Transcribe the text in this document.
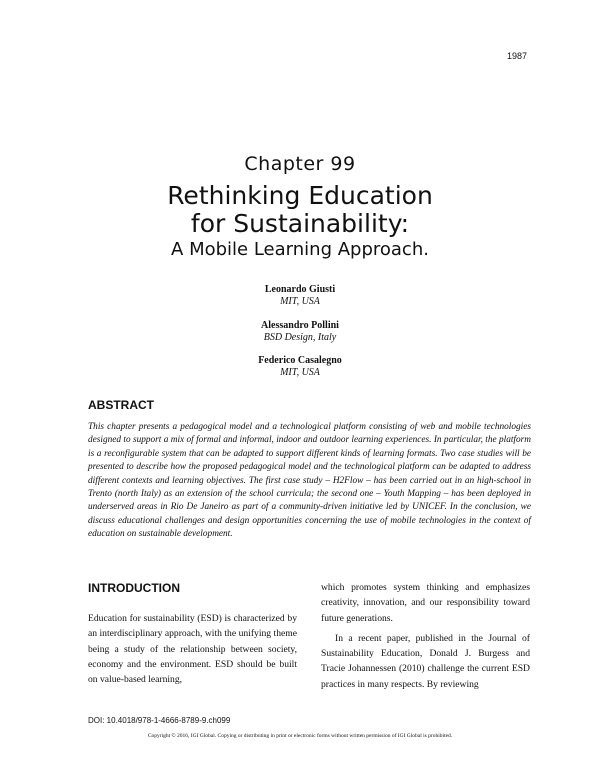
1987
Chapter 99
Rethinking Education
for Sustainability:
A Mobile Learning Approach.
Leonardo Giusti
MIT, USA
Alessandro Pollini
BSD Design, Italy
Federico Casalegno
MIT, USA
ABSTRACT
This chapter presents a pedagogical model and a technological platform consisting of web and mobile technologies designed to support a mix of formal and informal, indoor and outdoor learning experiences. In particular, the platform is a reconfigurable system that can be adapted to support different kinds of learning formats. Two case studies will be presented to describe how the proposed pedagogical model and the technological platform can be adapted to address different contexts and learning objectives. The first case study – H2Flow – has been carried out in an high-school in Trento (north Italy) as an extension of the school curricula; the second one – Youth Mapping – has been deployed in underserved areas in Rio De Janeiro as part of a community-driven initiative led by UNICEF. In the conclusion, we discuss educational challenges and design opportunities concerning the use of mobile technologies in the context of education on sustainable development.
INTRODUCTION

Education for sustainability (ESD) is characterized by an interdisciplinary approach, with the unifying theme being a study of the relationship between society, economy and the environment. ESD should be built on value-based learning,

which promotes system thinking and emphasizes creativity, innovation, and our responsibility toward future generations.

In a recent paper, published in the Journal of Sustainability Education, Donald J. Burgess and Tracie Johannessen (2010) challenge the current ESD practices in many respects. By reviewing

DOI: 10.4018/978-1-4666-8789-9.ch099
Copyright © 2016, IGI Global. Copying or distributing in print or electronic forms without written permission of IGI Global is prohibited.
